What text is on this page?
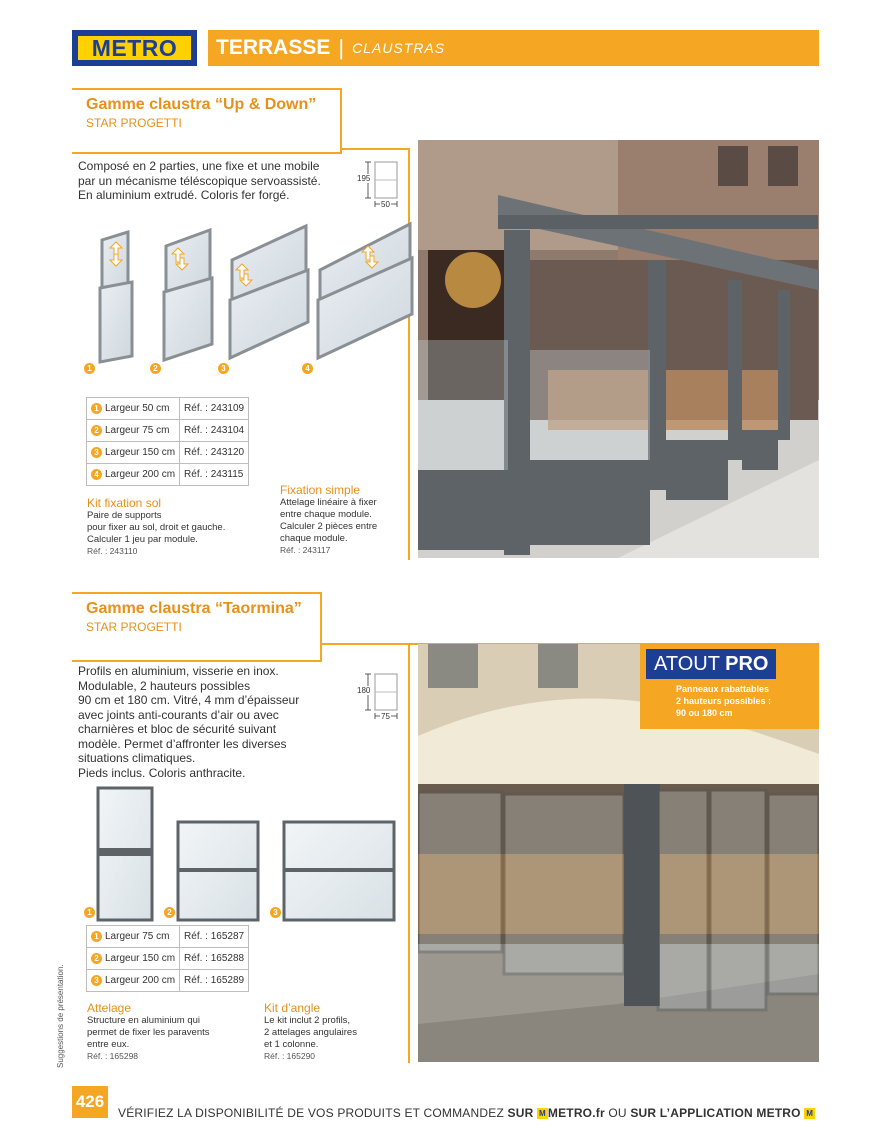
METRO	TERRASSE | CLAUSTRAS
Gamme claustra “Up & Down”
STAR PROGETTI
Composé en 2 parties, une fixe et une mobile
par un mécanisme téléscopique servoassisté.
En aluminium extrudé. Coloris fer forgé.
195
50
1	2	3	4
1 Largeur 50 cm	Réf. : 243109
2 Largeur 75 cm	Réf. : 243104
3 Largeur 150 cm	Réf. : 243120
4 Largeur 200 cm	Réf. : 243115
Kit fixation sol
Paire de supports
pour fixer au sol, droit et gauche.
Calculer 1 jeu par module.
Réf. : 243110
Fixation simple
Attelage linéaire à fixer
entre chaque module.
Calculer 2 pièces entre
chaque module.
Réf. : 243117
Gamme claustra “Taormina”
STAR PROGETTI
Profils en aluminium, visserie en inox.
Modulable, 2 hauteurs possibles
90 cm et 180 cm. Vitré, 4 mm d’épaisseur
avec joints anti-courants d’air ou avec
charnières et bloc de sécurité suivant
modèle. Permet d’affronter les diverses
situations climatiques.
Pieds inclus. Coloris anthracite.
180
75
1	2	3
1 Largeur 75 cm	Réf. : 165287
2 Largeur 150 cm	Réf. : 165288
3 Largeur 200 cm	Réf. : 165289
Attelage
Structure en aluminium qui
permet de fixer les paravents
entre eux.
Réf. : 165298
Kit d’angle
Le kit inclut 2 profils,
2 attelages angulaires
et 1 colonne.
Réf. : 165290
ATOUT PRO
Panneaux rabattables
2 hauteurs possibles :
90 ou 180 cm
Suggestions de présentation.
426
VÉRIFIEZ LA DISPONIBILITÉ DE VOS PRODUITS ET COMMANDEZ SUR M METRO.fr OU SUR L’APPLICATION METRO M
